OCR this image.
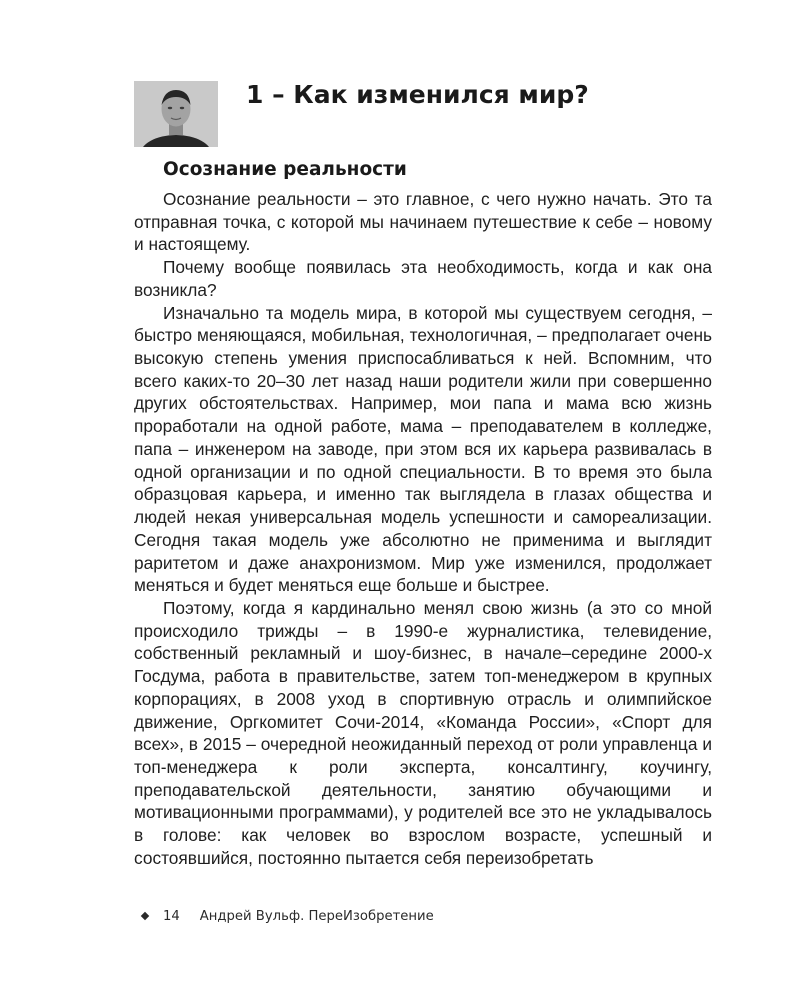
1 – Как изменился мир?
Осознание реальности

Осознание реальности – это главное, с чего нужно начать. Это та отправная точка, с которой мы начинаем путешествие к себе – новому и настоящему.

Почему вообще появилась эта необходимость, когда и как она возникла?

Изначально та модель мира, в которой мы существуем сегодня, – быстро меняющаяся, мобильная, технологичная, – предполагает очень высокую степень умения приспосабливаться к ней. Вспомним, что всего каких-то 20–30 лет назад наши родители жили при совершенно других обстоятельствах. Например, мои папа и мама всю жизнь проработали на одной работе, мама – преподавателем в колледже, папа – инженером на заводе, при этом вся их карьера развивалась в одной организации и по одной специальности. В то время это была образцовая карьера, и именно так выглядела в глазах общества и людей некая универсальная модель успешности и самореализации. Сегодня такая модель уже абсолютно не применима и выглядит раритетом и даже анахронизмом. Мир уже изменился, продолжает меняться и будет меняться еще больше и быстрее.

Поэтому, когда я кардинально менял свою жизнь (а это со мной происходило трижды – в 1990-е журналистика, телевидение, собственный рекламный и шоу-бизнес, в начале–середине 2000-х Госдума, работа в правительстве, затем топ-менеджером в крупных корпорациях, в 2008 уход в спортивную отрасль и олимпийское движение, Оргкомитет Сочи-2014, «Команда России», «Спорт для всех», в 2015 – очередной неожиданный переход от роли управленца и топ-менеджера к роли эксперта, консалтингу, коучингу, преподавательской деятельности, занятию обучающими и мотивационными программами), у родителей все это не укладывалось в голове: как человек во взрослом возрасте, успешный и состоявшийся, постоянно пытается себя переизобретать

14 Андрей Вульф. ПереИзобретение
